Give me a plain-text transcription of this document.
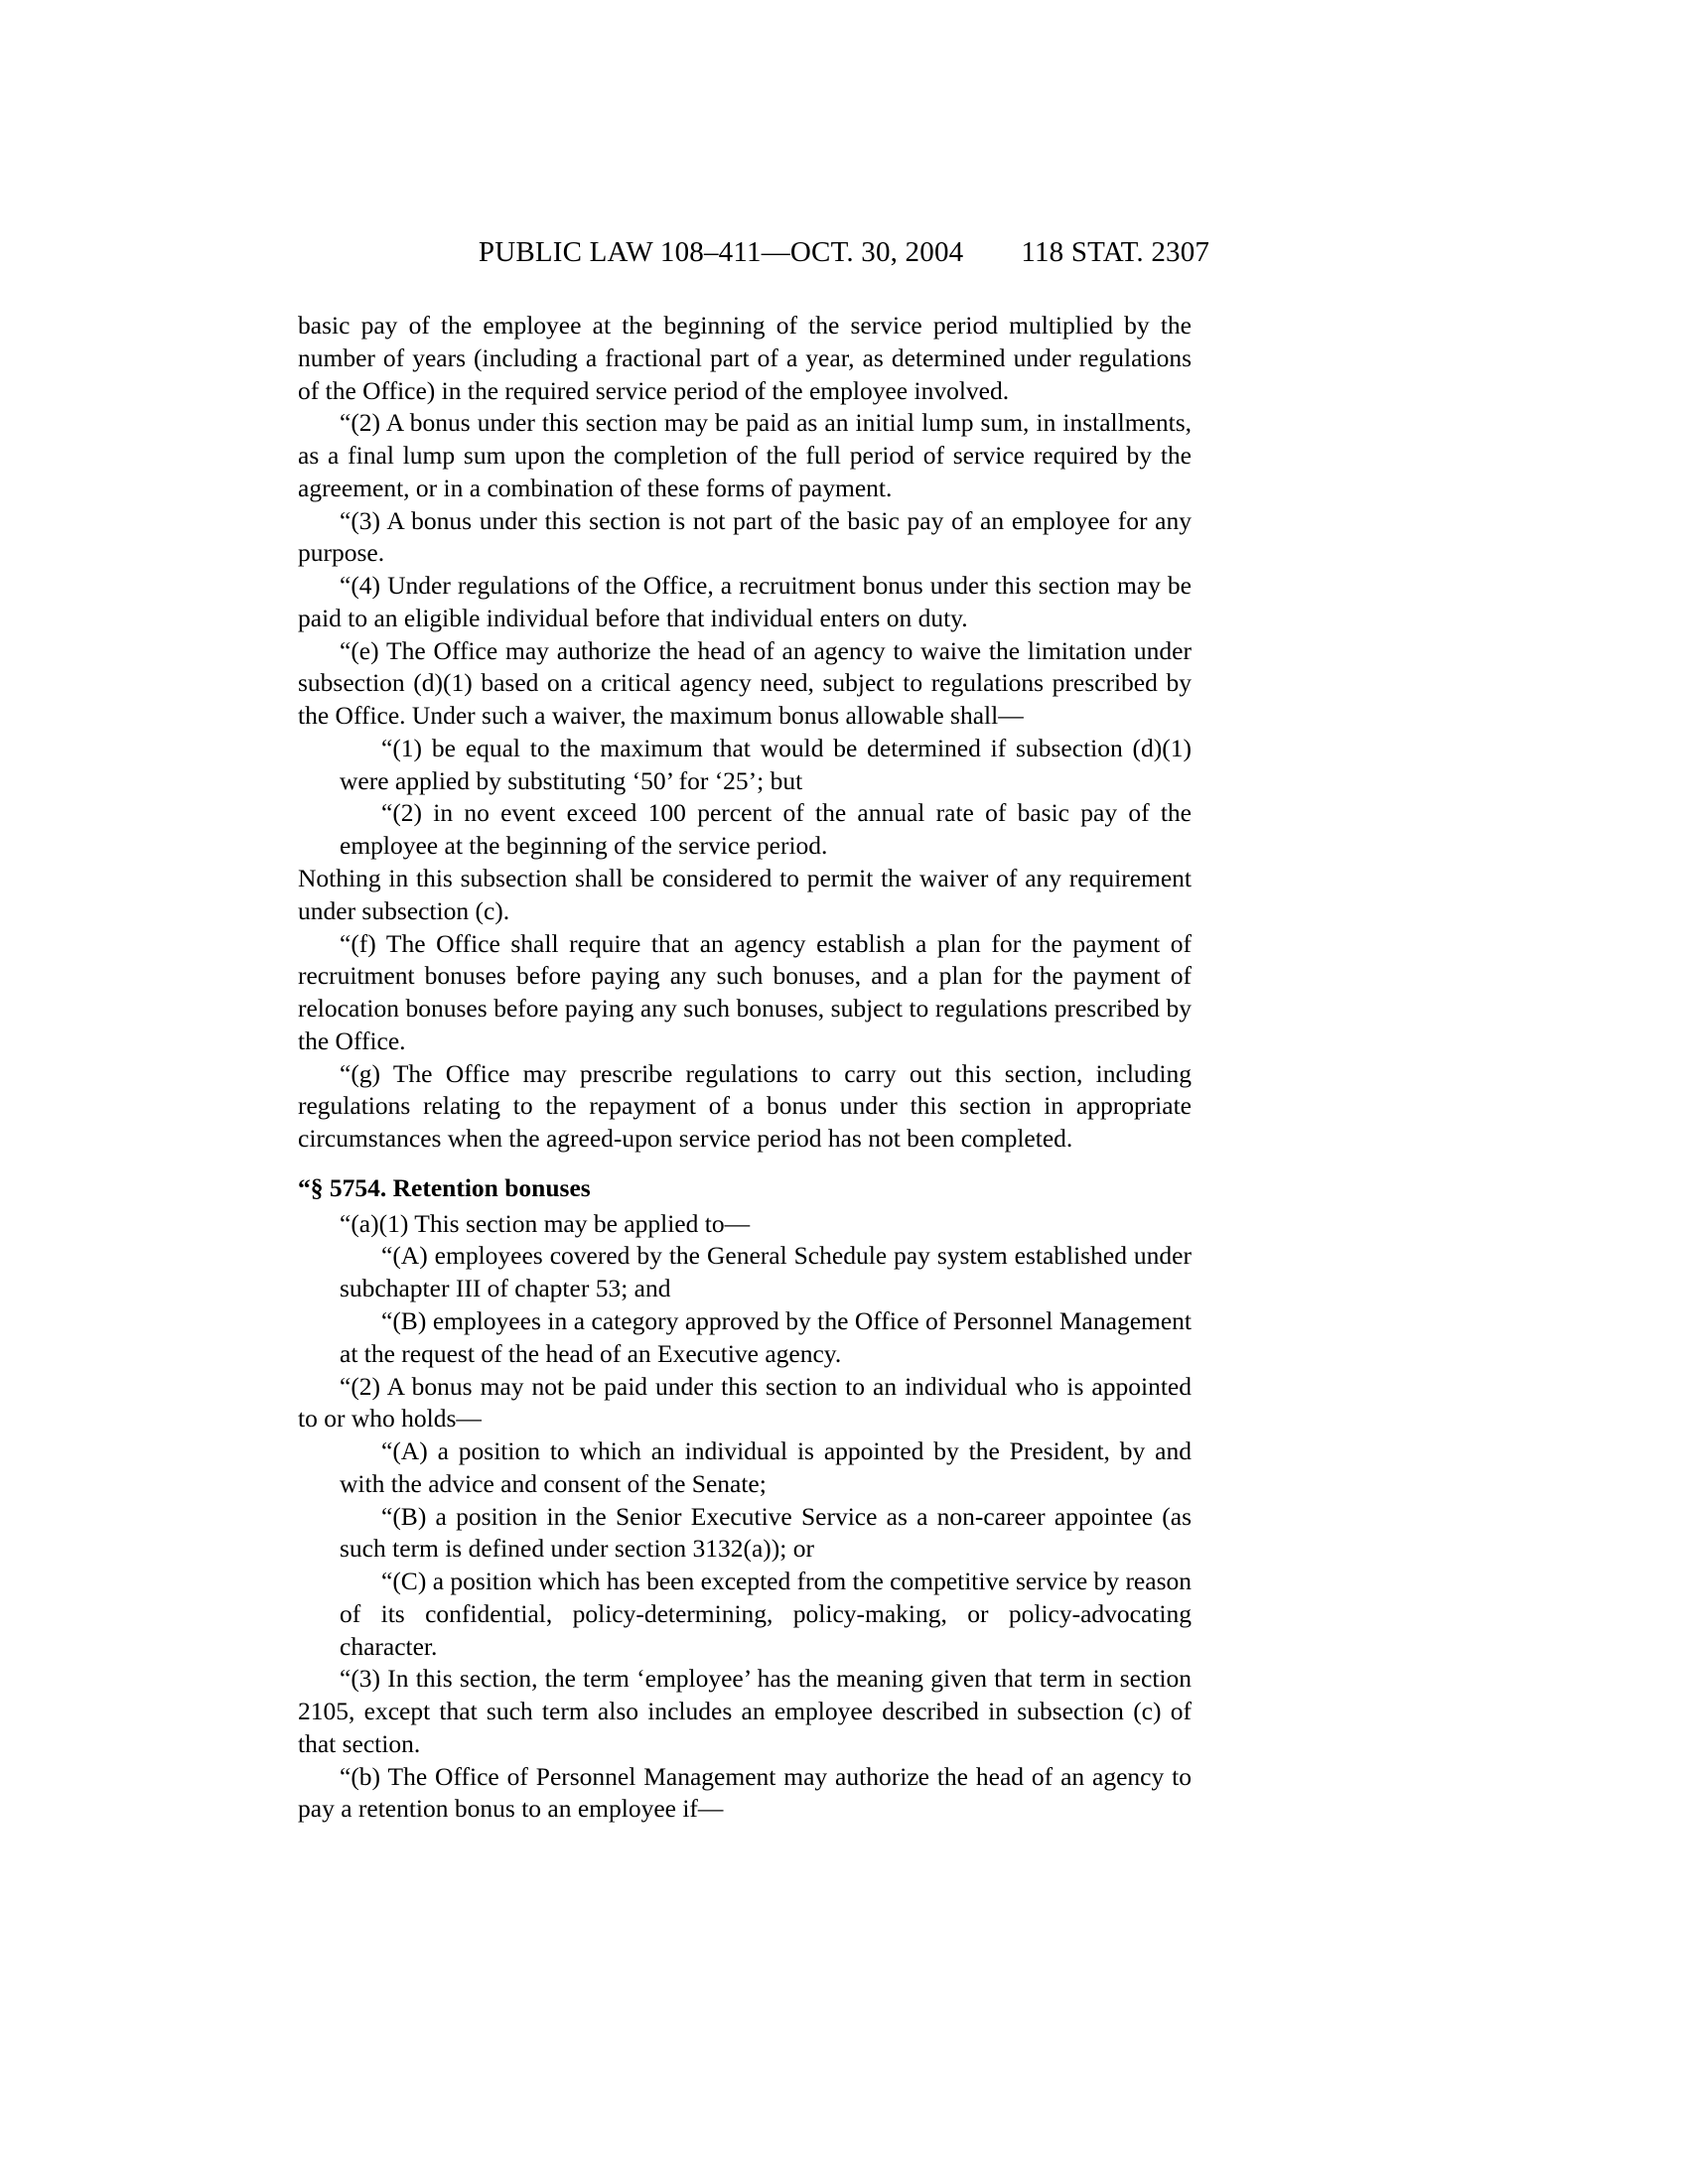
PUBLIC LAW 108–411—OCT. 30, 2004 118 STAT. 2307

basic pay of the employee at the beginning of the service period multiplied by the number of years (including a fractional part of a year, as determined under regulations of the Office) in the required service period of the employee involved.

“(2) A bonus under this section may be paid as an initial lump sum, in installments, as a final lump sum upon the completion of the full period of service required by the agreement, or in a combination of these forms of payment.

“(3) A bonus under this section is not part of the basic pay of an employee for any purpose.

“(4) Under regulations of the Office, a recruitment bonus under this section may be paid to an eligible individual before that individual enters on duty.

“(e) The Office may authorize the head of an agency to waive the limitation under subsection (d)(1) based on a critical agency need, subject to regulations prescribed by the Office. Under such a waiver, the maximum bonus allowable shall—

“(1) be equal to the maximum that would be determined if subsection (d)(1) were applied by substituting ‘50’ for ‘25’; but

“(2) in no event exceed 100 percent of the annual rate of basic pay of the employee at the beginning of the service period.

Nothing in this subsection shall be considered to permit the waiver of any requirement under subsection (c).

“(f) The Office shall require that an agency establish a plan for the payment of recruitment bonuses before paying any such bonuses, and a plan for the payment of relocation bonuses before paying any such bonuses, subject to regulations prescribed by the Office.

“(g) The Office may prescribe regulations to carry out this section, including regulations relating to the repayment of a bonus under this section in appropriate circumstances when the agreed-upon service period has not been completed.

“§ 5754. Retention bonuses

“(a)(1) This section may be applied to—

“(A) employees covered by the General Schedule pay system established under subchapter III of chapter 53; and

“(B) employees in a category approved by the Office of Personnel Management at the request of the head of an Executive agency.

“(2) A bonus may not be paid under this section to an individual who is appointed to or who holds—

“(A) a position to which an individual is appointed by the President, by and with the advice and consent of the Senate;

“(B) a position in the Senior Executive Service as a non-career appointee (as such term is defined under section 3132(a)); or

“(C) a position which has been excepted from the competitive service by reason of its confidential, policy-determining, policy-making, or policy-advocating character.

“(3) In this section, the term ‘employee’ has the meaning given that term in section 2105, except that such term also includes an employee described in subsection (c) of that section.

“(b) The Office of Personnel Management may authorize the head of an agency to pay a retention bonus to an employee if—
